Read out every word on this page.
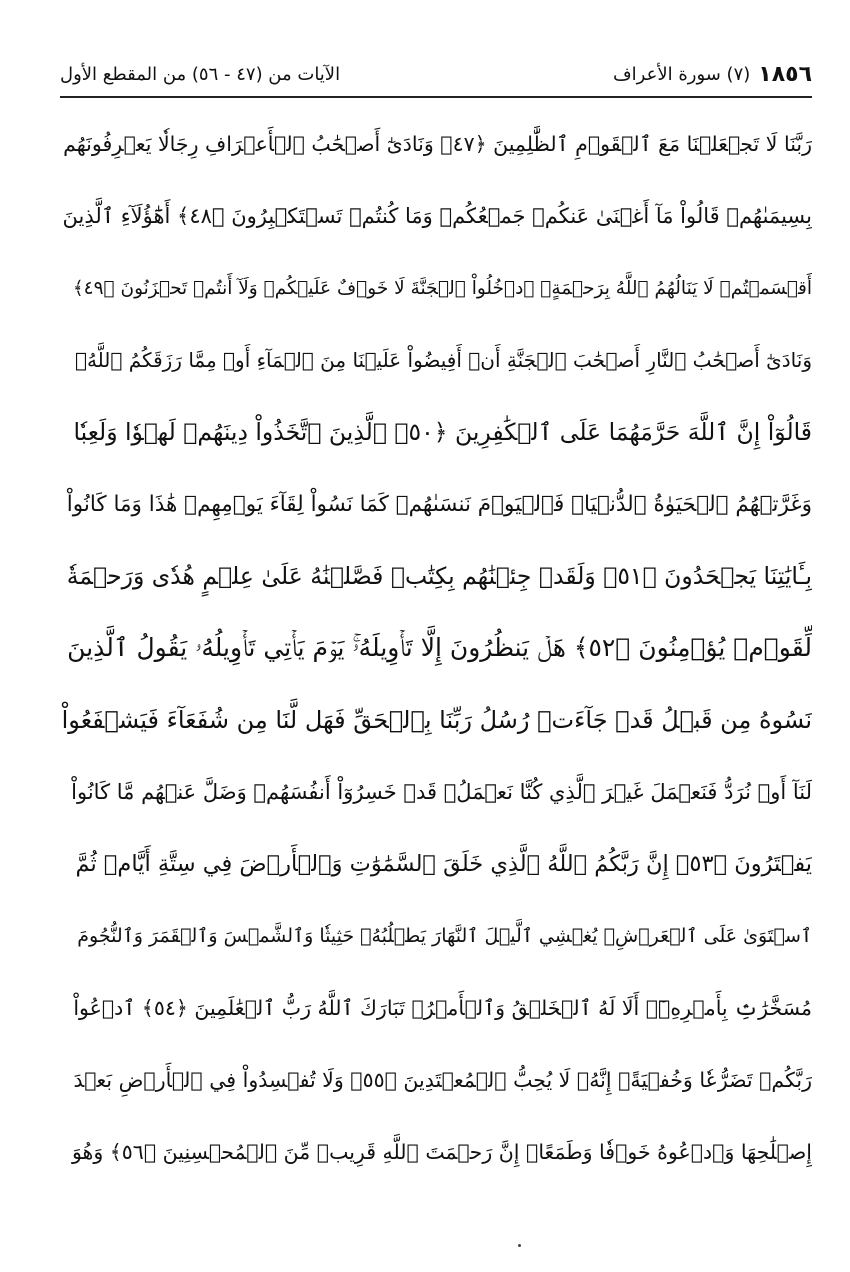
١٨٥٦
(٧) سورة الأعراف
الآيات من (٤٧ - ٥٦) من المقطع الأول
رَبَّنَا لَا تَجۡعَلۡنَا مَعَ ٱلۡقَوۡمِ ٱلظَّٰلِمِينَ ﴿٤٧﴾ وَنَادَىٰٓ أَصۡحَٰبُ ٱلۡأَعۡرَافِ رِجَالٗا يَعۡرِفُونَهُم
بِسِيمَىٰهُمۡ قَالُواْ مَآ أَغۡنَىٰ عَنكُمۡ جَمۡعُكُمۡ وَمَا كُنتُمۡ تَسۡتَكۡبِرُونَ ﴿٤٨﴾ أَهَٰٓؤُلَآءِ ٱلَّذِينَ
أَقۡسَمۡتُمۡ لَا يَنَالُهُمُ ٱللَّهُ بِرَحۡمَةٍۚ ٱدۡخُلُواْ ٱلۡجَنَّةَ لَا خَوۡفٌ عَلَيۡكُمۡ وَلَآ أَنتُمۡ تَحۡزَنُونَ ﴿٤٩﴾
وَنَادَىٰٓ أَصۡحَٰبُ ٱلنَّارِ أَصۡحَٰبَ ٱلۡجَنَّةِ أَنۡ أَفِيضُواْ عَلَيۡنَا مِنَ ٱلۡمَآءِ أَوۡ مِمَّا رَزَقَكُمُ ٱللَّهُۚ
قَالُوٓاْ إِنَّ ٱللَّهَ حَرَّمَهُمَا عَلَى ٱلۡكَٰفِرِينَ ﴿٥٠﴾ ٱلَّذِينَ ٱتَّخَذُواْ دِينَهُمۡ لَهۡوٗا وَلَعِبٗا
وَغَرَّتۡهُمُ ٱلۡحَيَوٰةُ ٱلدُّنۡيَاۚ فَٱلۡيَوۡمَ نَنسَىٰهُمۡ كَمَا نَسُواْ لِقَآءَ يَوۡمِهِمۡ هَٰذَا وَمَا كَانُواْ
بِـَٔايَٰتِنَا يَجۡحَدُونَ ﴿٥١﴾ وَلَقَدۡ جِئۡنَٰهُم بِكِتَٰبٖ فَصَّلۡنَٰهُ عَلَىٰ عِلۡمٍ هُدٗى وَرَحۡمَةٗ
لِّقَوۡمٖ يُؤۡمِنُونَ ﴿٥٢﴾ هَلۡ يَنظُرُونَ إِلَّا تَأۡوِيلَهُۥۚ يَوۡمَ يَأۡتِي تَأۡوِيلُهُۥ يَقُولُ ٱلَّذِينَ
نَسُوهُ مِن قَبۡلُ قَدۡ جَآءَتۡ رُسُلُ رَبِّنَا بِٱلۡحَقِّ فَهَل لَّنَا مِن شُفَعَآءَ فَيَشۡفَعُواْ
لَنَآ أَوۡ نُرَدُّ فَنَعۡمَلَ غَيۡرَ ٱلَّذِي كُنَّا نَعۡمَلُۚ قَدۡ خَسِرُوٓاْ أَنفُسَهُمۡ وَضَلَّ عَنۡهُم مَّا كَانُواْ
يَفۡتَرُونَ ﴿٥٣﴾ إِنَّ رَبَّكُمُ ٱللَّهُ ٱلَّذِي خَلَقَ ٱلسَّمَٰوَٰتِ وَٱلۡأَرۡضَ فِي سِتَّةِ أَيَّامٖ ثُمَّ
ٱسۡتَوَىٰ عَلَى ٱلۡعَرۡشِۖ يُغۡشِي ٱلَّيۡلَ ٱلنَّهَارَ يَطۡلُبُهُۥ حَثِيثٗا وَٱلشَّمۡسَ وَٱلۡقَمَرَ وَٱلنُّجُومَ
مُسَخَّرَٰتِۢ بِأَمۡرِهِۦٓۗ أَلَا لَهُ ٱلۡخَلۡقُ وَٱلۡأَمۡرُۗ تَبَارَكَ ٱللَّهُ رَبُّ ٱلۡعَٰلَمِينَ ﴿٥٤﴾ ٱدۡعُواْ
رَبَّكُمۡ تَضَرُّعٗا وَخُفۡيَةًۚ إِنَّهُۥ لَا يُحِبُّ ٱلۡمُعۡتَدِينَ ﴿٥٥﴾ وَلَا تُفۡسِدُواْ فِي ٱلۡأَرۡضِ بَعۡدَ
إِصۡلَٰحِهَا وَٱدۡعُوهُ خَوۡفٗا وَطَمَعًاۚ إِنَّ رَحۡمَتَ ٱللَّهِ قَرِيبٞ مِّنَ ٱلۡمُحۡسِنِينَ ﴿٥٦﴾ وَهُوَ
